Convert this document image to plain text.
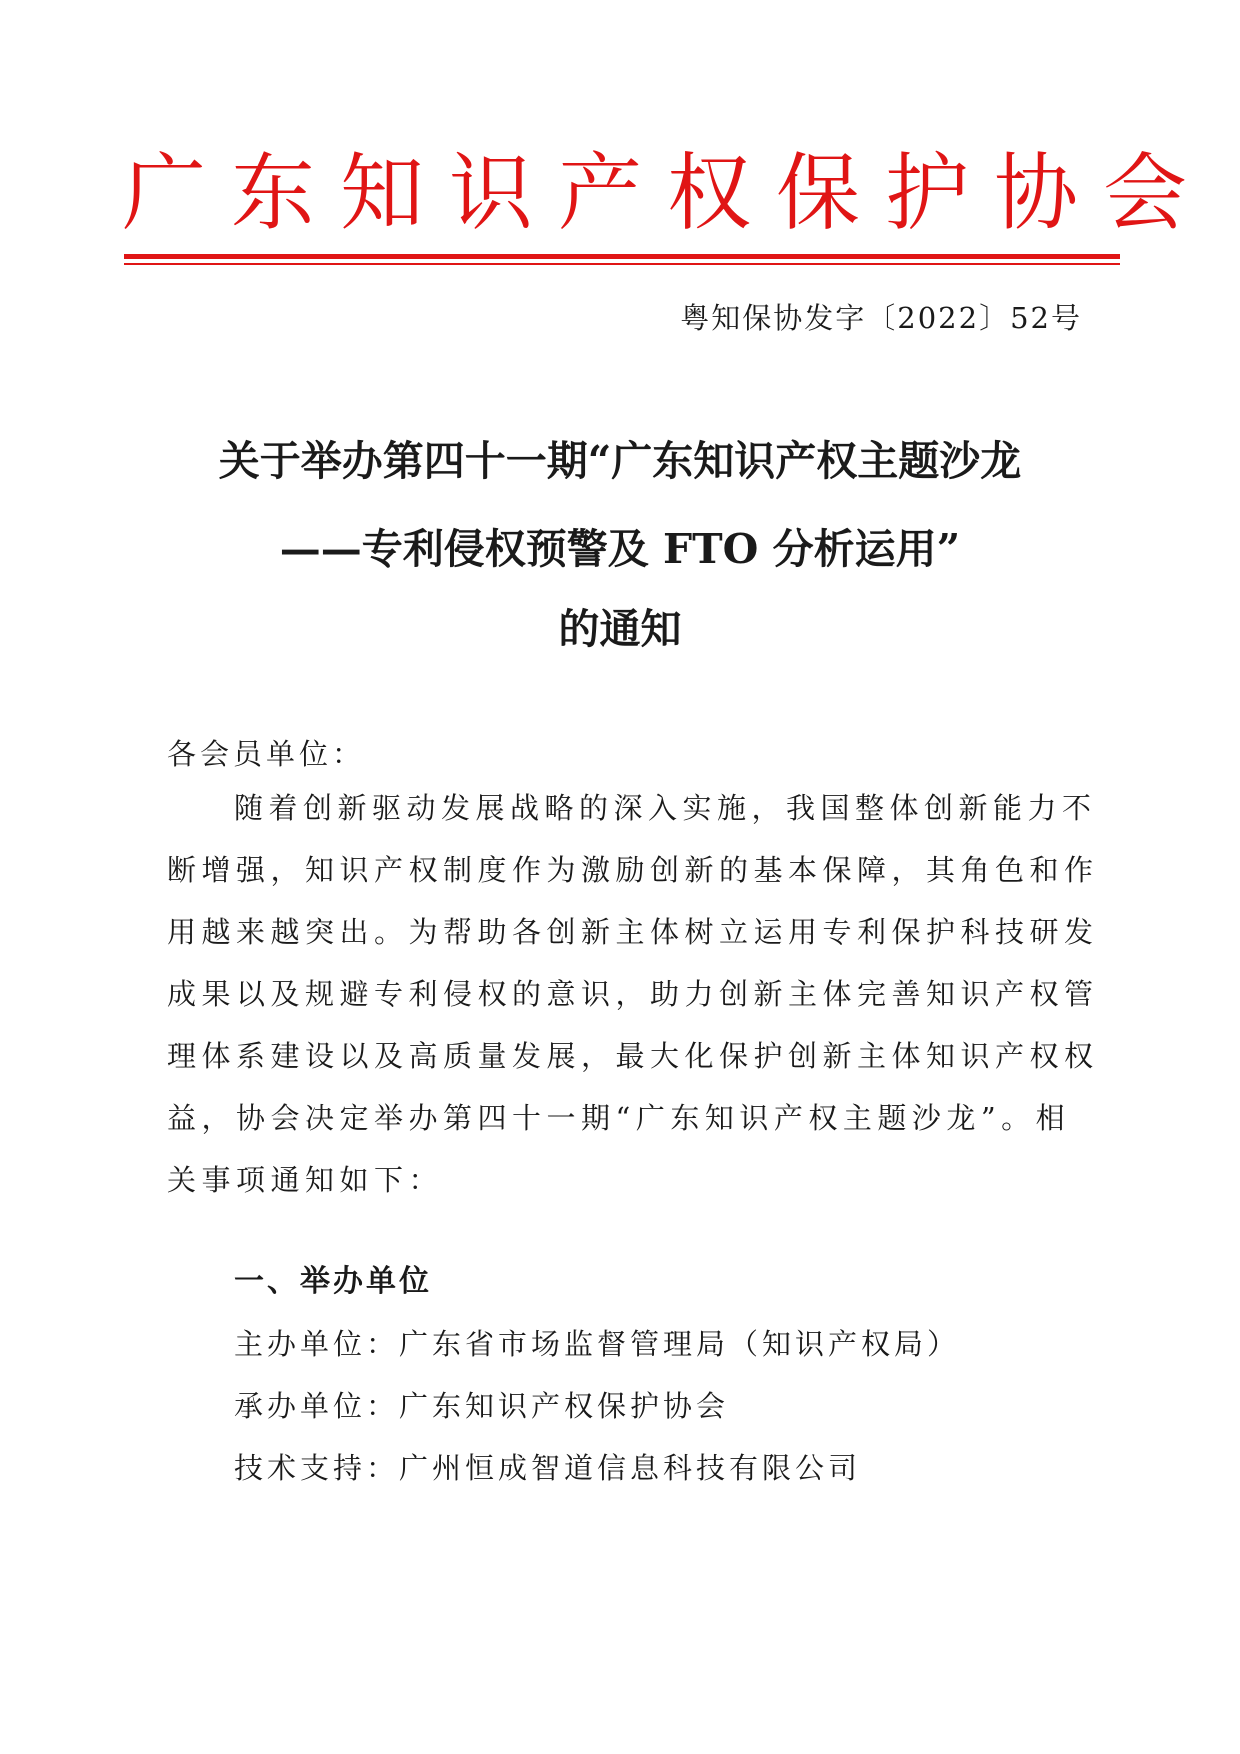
广东知识产权保护协会
粤知保协发字〔2022〕52号
关于举办第四十一期“广东知识产权主题沙龙
——专利侵权预警及 FTO 分析运用”
的通知
各会员单位：
随着创新驱动发展战略的深入实施，我国整体创新能力不
断增强，知识产权制度作为激励创新的基本保障，其角色和作
用越来越突出。为帮助各创新主体树立运用专利保护科技研发
成果以及规避专利侵权的意识，助力创新主体完善知识产权管
理体系建设以及高质量发展，最大化保护创新主体知识产权权
益，协会决定举办第四十一期“广东知识产权主题沙龙”。相
关事项通知如下：
一、举办单位
主办单位：广东省市场监督管理局（知识产权局）
承办单位：广东知识产权保护协会
技术支持：广州恒成智道信息科技有限公司
